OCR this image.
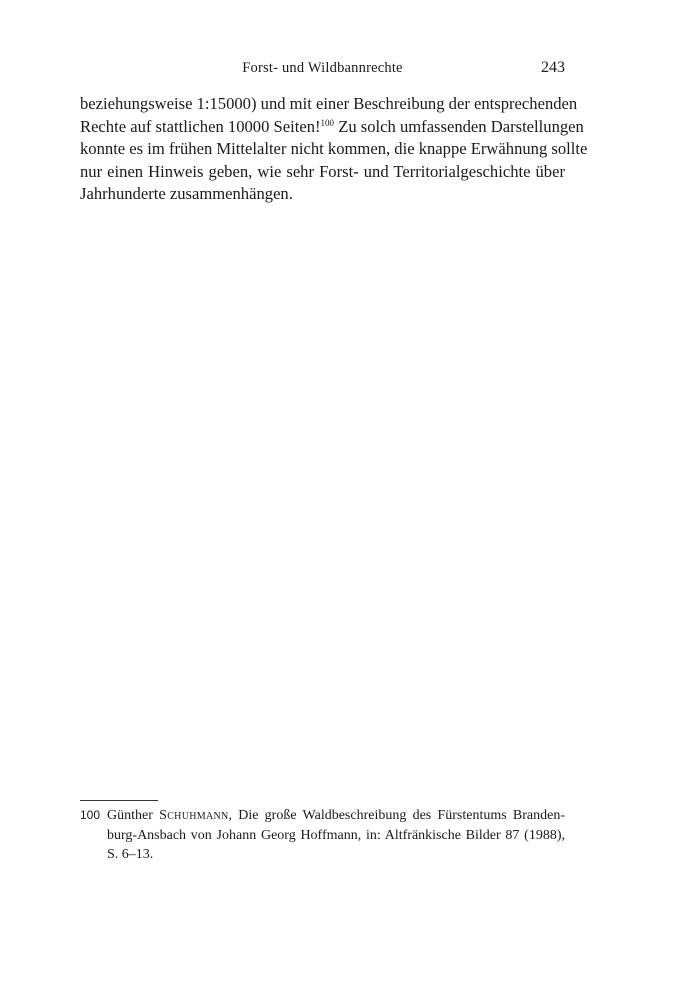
Forst- und Wildbannrechte	243
beziehungsweise 1:15000) und mit einer Beschreibung der entsprechenden
Rechte auf stattlichen 10000 Seiten!$^{100}$ Zu solch umfassenden Darstellungen
konnte es im frühen Mittelalter nicht kommen, die knappe Erwähnung sollte
nur einen Hinweis geben, wie sehr Forst- und Territorialgeschichte über
Jahrhunderte zusammenhängen.
100 Günther Schuhmann, Die große Waldbeschreibung des Fürstentums Branden-
burg-Ansbach von Johann Georg Hoffmann, in: Altfränkische Bilder 87 (1988),
S. 6–13.
